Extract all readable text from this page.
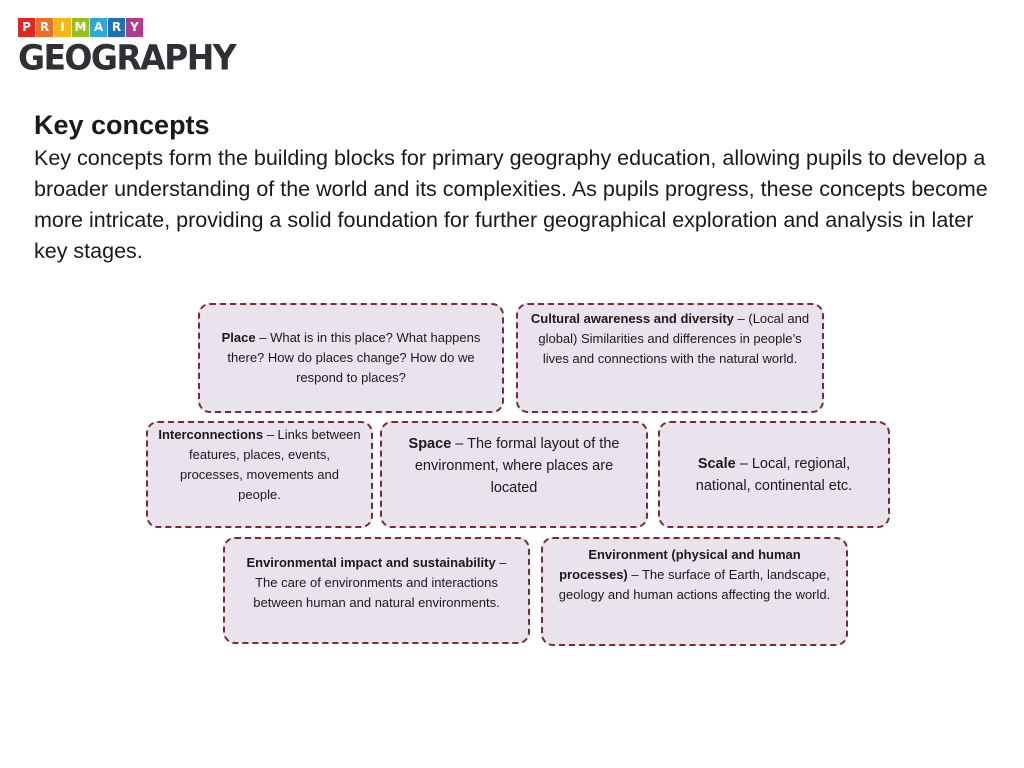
P R I M A R Y
GEOGRAPHY
Key concepts

Key concepts form the building blocks for primary geography education, allowing pupils to develop a broader understanding of the world and its complexities. As pupils progress, these concepts become more intricate, providing a solid foundation for further geographical exploration and analysis in later key stages.

Place – What is in this place? What happens there? How do places change? How do we respond to places?
Cultural awareness and diversity – (Local and global) Similarities and differences in people’s lives and connections with the natural world.
Interconnections – Links between features, places, events, processes, movements and people.
Space – The formal layout of the environment, where places are located
Scale – Local, regional, national, continental etc.
Environmental impact and sustainability – The care of environments and interactions between human and natural environments.
Environment (physical and human processes) – The surface of Earth, landscape, geology and human actions affecting the world.
